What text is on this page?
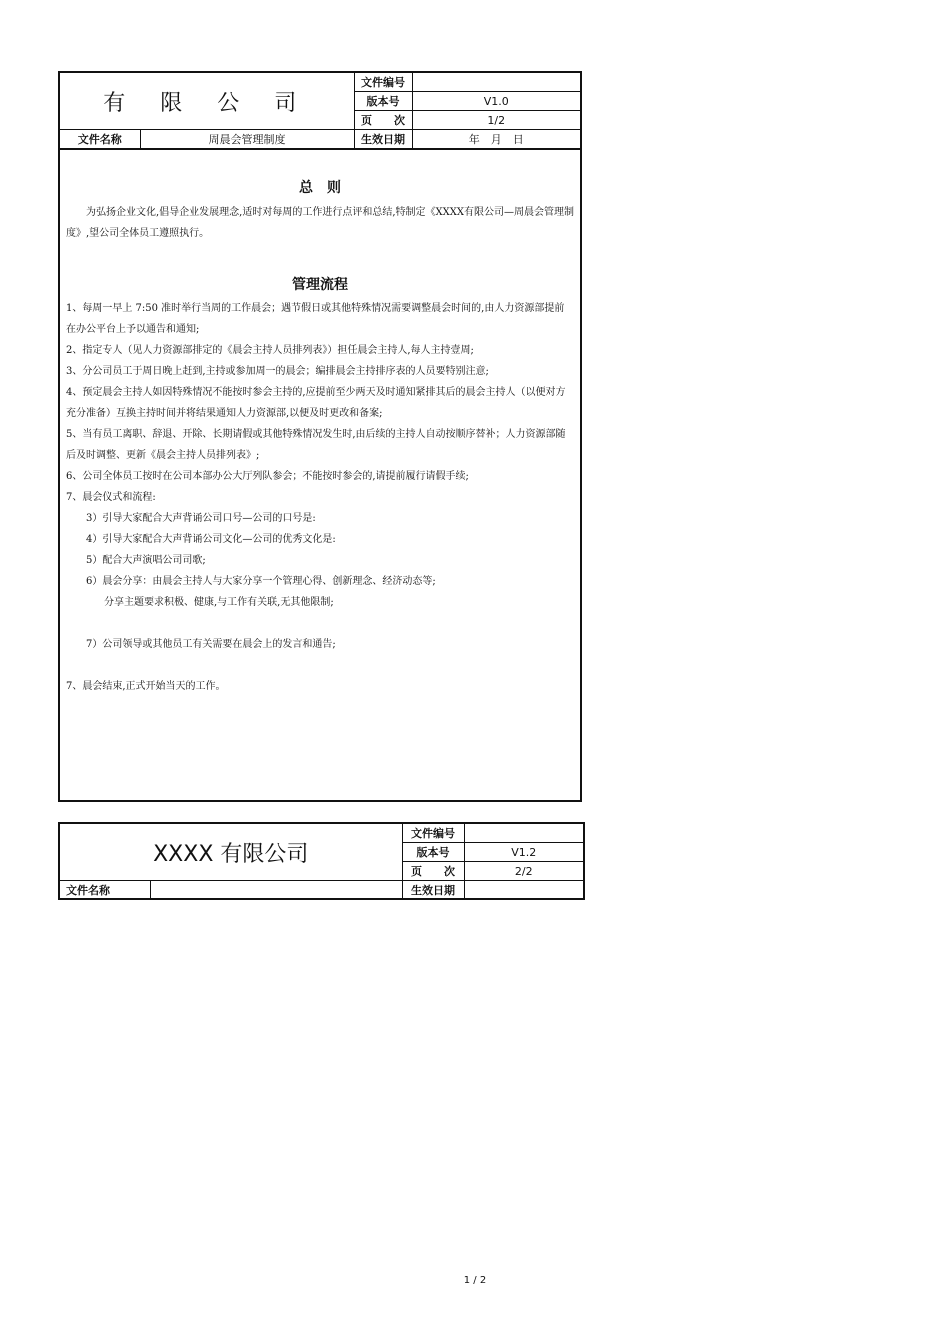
有 限 公 司		文件编号	
		版本号	V1.0
		页　　次	1/2
文件名称	周晨会管理制度	生效日期	年　月　日
总　则

为弘扬企业文化,倡导企业发展理念,适时对每周的工作进行点评和总结,特制定《XXXX有限公司—周晨会管理制度》,望公司全体员工遵照执行。

管理流程

1、每周一早上 7:50 准时举行当周的工作晨会；遇节假日或其他特殊情况需要调整晨会时间的,由人力资源部提前在办公平台上予以通告和通知;

2、指定专人（见人力资源部排定的《晨会主持人员排列表》）担任晨会主持人,每人主持壹周;

3、分公司员工于周日晚上赶到,主持或参加周一的晨会；编排晨会主持排序表的人员要特别注意;

4、预定晨会主持人如因特殊情况不能按时参会主持的,应提前至少两天及时通知紧排其后的晨会主持人（以便对方充分准备）互换主持时间并将结果通知人力资源部,以便及时更改和备案;

5、当有员工离职、辞退、开除、长期请假或其他特殊情况发生时,由后续的主持人自动按顺序替补；人力资源部随后及时调整、更新《晨会主持人员排列表》;

6、公司全体员工按时在公司本部办公大厅列队参会；不能按时参会的,请提前履行请假手续;

7、晨会仪式和流程:

3）引导大家配合大声背诵公司口号—公司的口号是:

4）引导大家配合大声背诵公司文化—公司的优秀文化是:

5）配合大声演唱公司司歌;

6）晨会分享：由晨会主持人与大家分享一个管理心得、创新理念、经济动态等;

分享主题要求积极、健康,与工作有关联,无其他限制;

7）公司领导或其他员工有关需要在晨会上的发言和通告;

7、晨会结束,正式开始当天的工作。

XXXX 有限公司		文件编号	
		版本号	V1.2
		页　　次	2/2
文件名称		生效日期	
1 / 2
